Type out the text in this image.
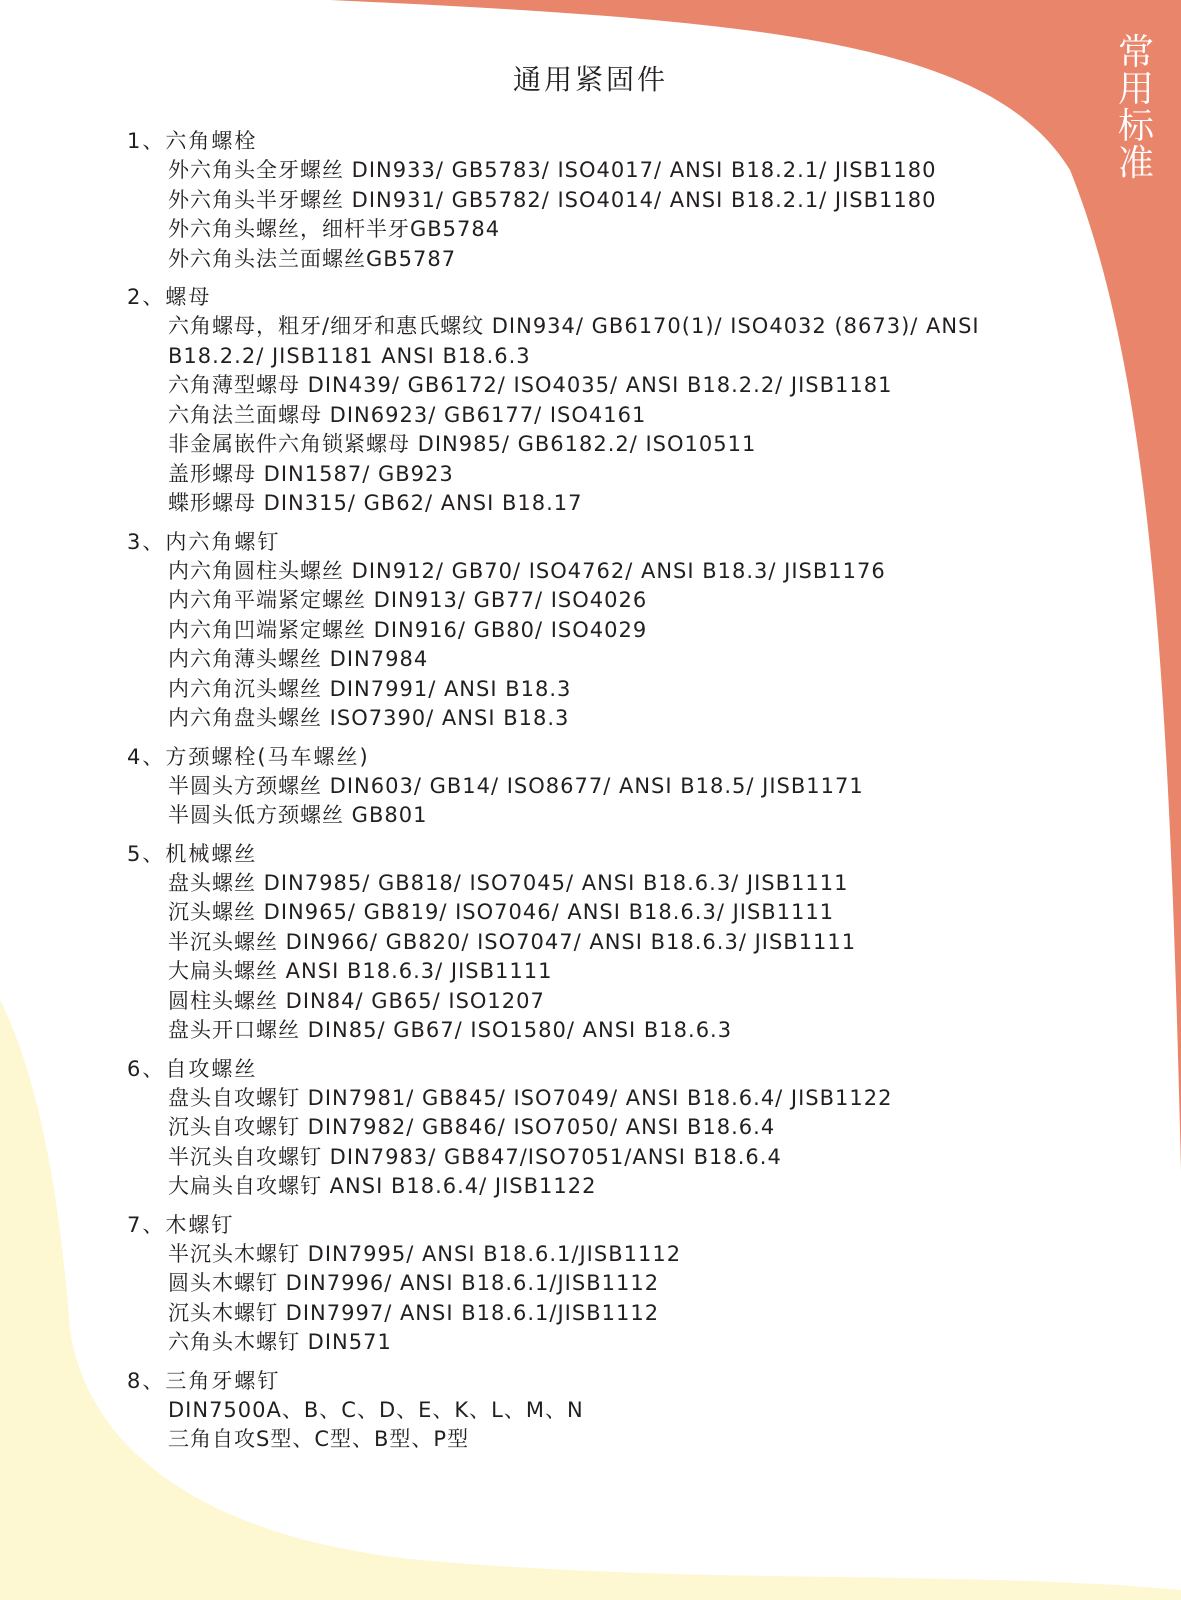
常
用
标
准
通用紧固件
1、六角螺栓
外六角头全牙螺丝 DIN933/ GB5783/ ISO4017/ ANSI B18.2.1/ JISB1180
外六角头半牙螺丝 DIN931/ GB5782/ ISO4014/ ANSI B18.2.1/ JISB1180
外六角头螺丝，细杆半牙GB5784
外六角头法兰面螺丝GB5787
2、螺母
六角螺母，粗牙/细牙和惠氏螺纹 DIN934/ GB6170(1)/ ISO4032 (8673)/ ANSI B18.2.2/ JISB1181 ANSI B18.6.3
六角薄型螺母 DIN439/ GB6172/ ISO4035/ ANSI B18.2.2/ JISB1181
六角法兰面螺母 DIN6923/ GB6177/ ISO4161
非金属嵌件六角锁紧螺母 DIN985/ GB6182.2/ ISO10511
盖形螺母 DIN1587/ GB923
蝶形螺母 DIN315/ GB62/ ANSI B18.17
3、内六角螺钉
内六角圆柱头螺丝 DIN912/ GB70/ ISO4762/ ANSI B18.3/ JISB1176
内六角平端紧定螺丝 DIN913/ GB77/ ISO4026
内六角凹端紧定螺丝 DIN916/ GB80/ ISO4029
内六角薄头螺丝 DIN7984
内六角沉头螺丝 DIN7991/ ANSI B18.3
内六角盘头螺丝 ISO7390/ ANSI B18.3
4、方颈螺栓(马车螺丝)
半圆头方颈螺丝 DIN603/ GB14/ ISO8677/ ANSI B18.5/ JISB1171
半圆头低方颈螺丝 GB801
5、机械螺丝
盘头螺丝 DIN7985/ GB818/ ISO7045/ ANSI B18.6.3/ JISB1111
沉头螺丝 DIN965/ GB819/ ISO7046/ ANSI B18.6.3/ JISB1111
半沉头螺丝 DIN966/ GB820/ ISO7047/ ANSI B18.6.3/ JISB1111
大扁头螺丝 ANSI B18.6.3/ JISB1111
圆柱头螺丝 DIN84/ GB65/ ISO1207
盘头开口螺丝 DIN85/ GB67/ ISO1580/ ANSI B18.6.3
6、自攻螺丝
盘头自攻螺钉 DIN7981/ GB845/ ISO7049/ ANSI B18.6.4/ JISB1122
沉头自攻螺钉 DIN7982/ GB846/ ISO7050/ ANSI B18.6.4
半沉头自攻螺钉 DIN7983/ GB847/ISO7051/ANSI B18.6.4
大扁头自攻螺钉 ANSI B18.6.4/ JISB1122
7、木螺钉
半沉头木螺钉 DIN7995/ ANSI B18.6.1/JISB1112
圆头木螺钉 DIN7996/ ANSI B18.6.1/JISB1112
沉头木螺钉 DIN7997/ ANSI B18.6.1/JISB1112
六角头木螺钉 DIN571
8、三角牙螺钉
DIN7500A、B、C、D、E、K、L、M、N
三角自攻S型、C型、B型、P型
